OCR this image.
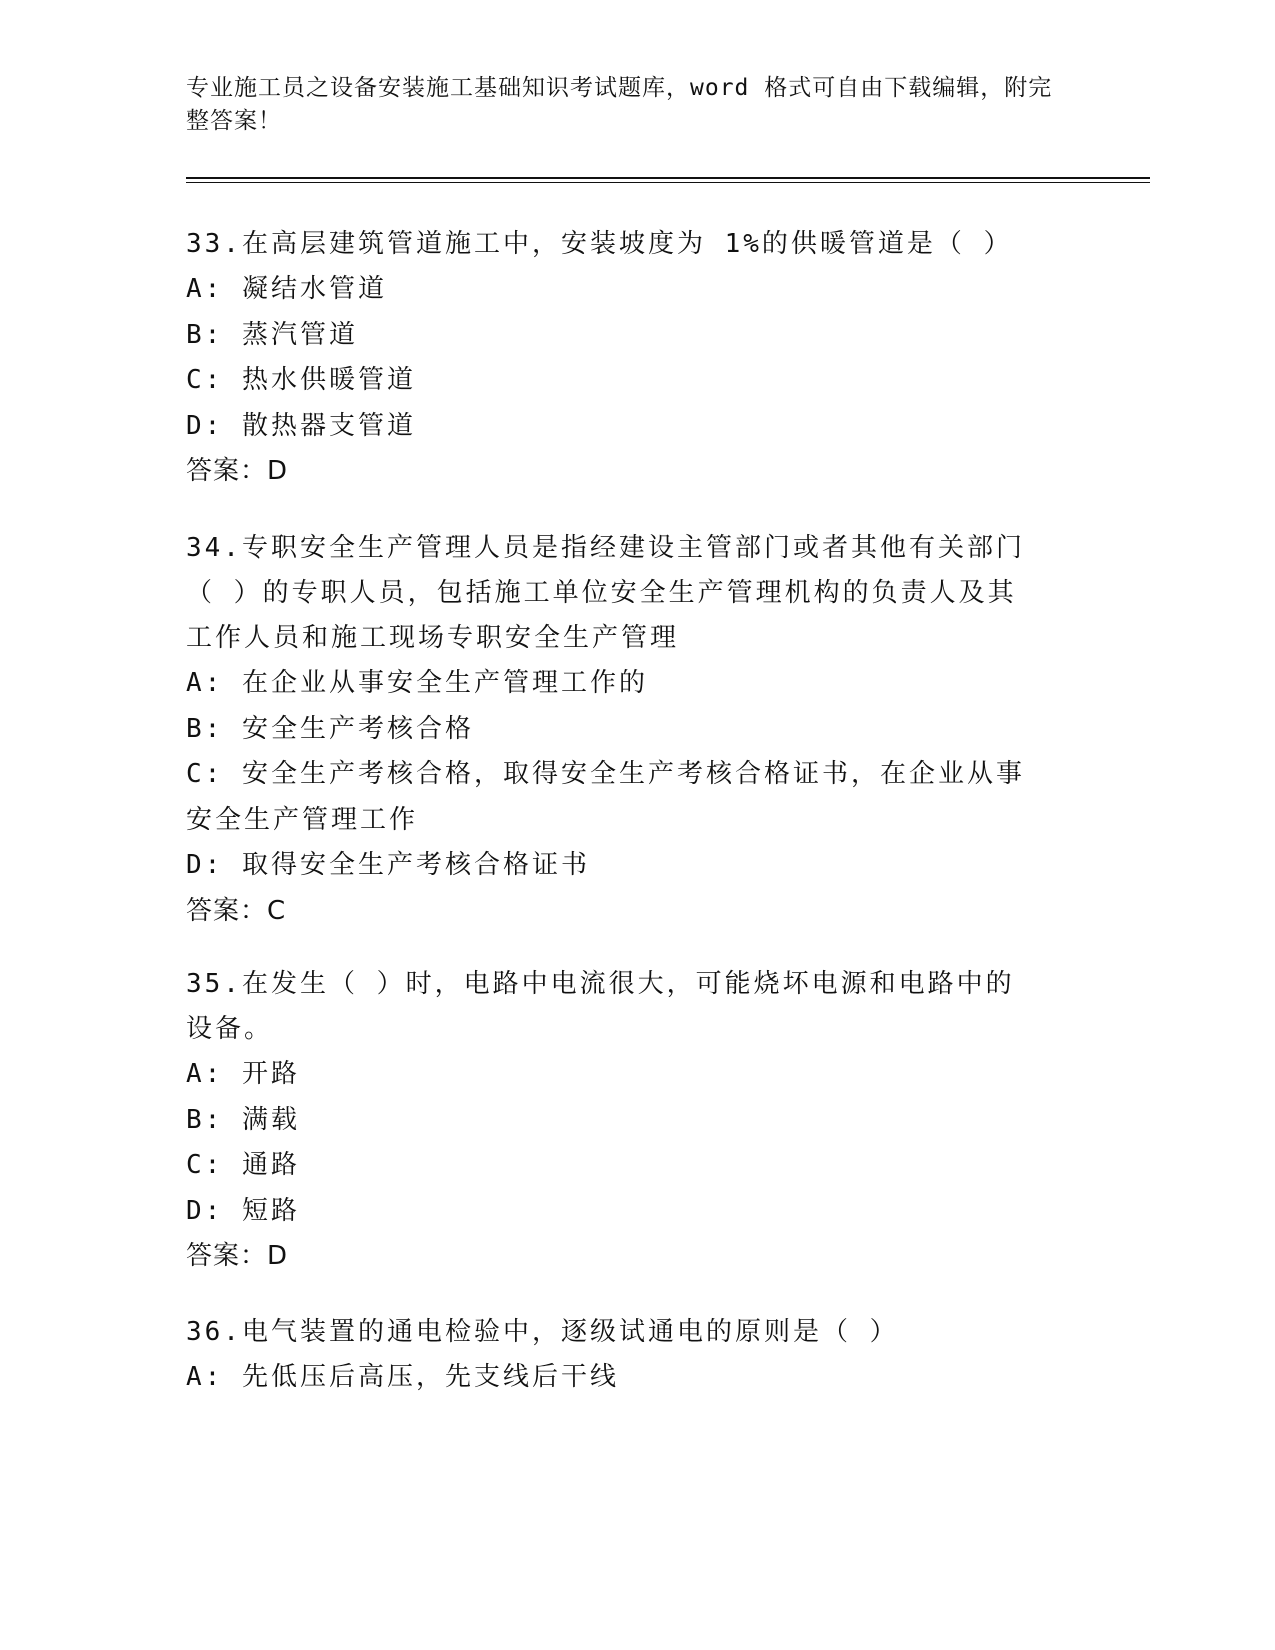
专业施工员之设备安装施工基础知识考试题库，word 格式可自由下载编辑，附完整答案！
33.在高层建筑管道施工中，安装坡度为 1%的供暖管道是（ ）
A: 凝结水管道
B: 蒸汽管道
C: 热水供暖管道
D: 散热器支管道
答案：D
34.专职安全生产管理人员是指经建设主管部门或者其他有关部门（ ）的专职人员，包括施工单位安全生产管理机构的负责人及其工作人员和施工现场专职安全生产管理
A: 在企业从事安全生产管理工作的
B: 安全生产考核合格
C: 安全生产考核合格，取得安全生产考核合格证书，在企业从事安全生产管理工作
D: 取得安全生产考核合格证书
答案：C
35.在发生（ ）时，电路中电流很大，可能烧坏电源和电路中的设备。
A: 开路
B: 满载
C: 通路
D: 短路
答案：D
36.电气装置的通电检验中，逐级试通电的原则是（ ）
A: 先低压后高压，先支线后干线
